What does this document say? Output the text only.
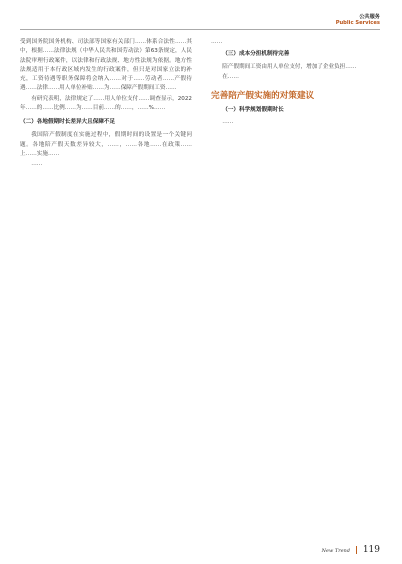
公共服务
Public Services

受到国务院国务机构、司法部等国家有关部门……体系合法性……其中，根据……法律法规（中华人民共和国劳动法）第63条规定，人民法院审理行政案件，以法律和行政法规、地方性法规为依据。地方性法规适用于本行政区域内发生的行政案件，但只是对国家立法的补充，工资待遇等职务保障将会纳入……对于……劳动者……产假待遇……法律……用人单位补贴……为……保障产假期间工资……

有研究表明，法律规定了……用人单位支付……调查显示，2022年……的……比例……为……目前……的……，……%……

（二）各地假期时长差异大且保障不足

我国陪产假制度在实施过程中，假期时间的设置是一个关键问题。各地陪产假天数差异较大，……，……各地……在政策……上……实施……

……

……

（三）成本分担机制待完善

陪产假期间工资由用人单位支付，增加了企业负担……

在……

完善陪产假实施的对策建议
（一）科学规划假期时长

……

New Trend 119
